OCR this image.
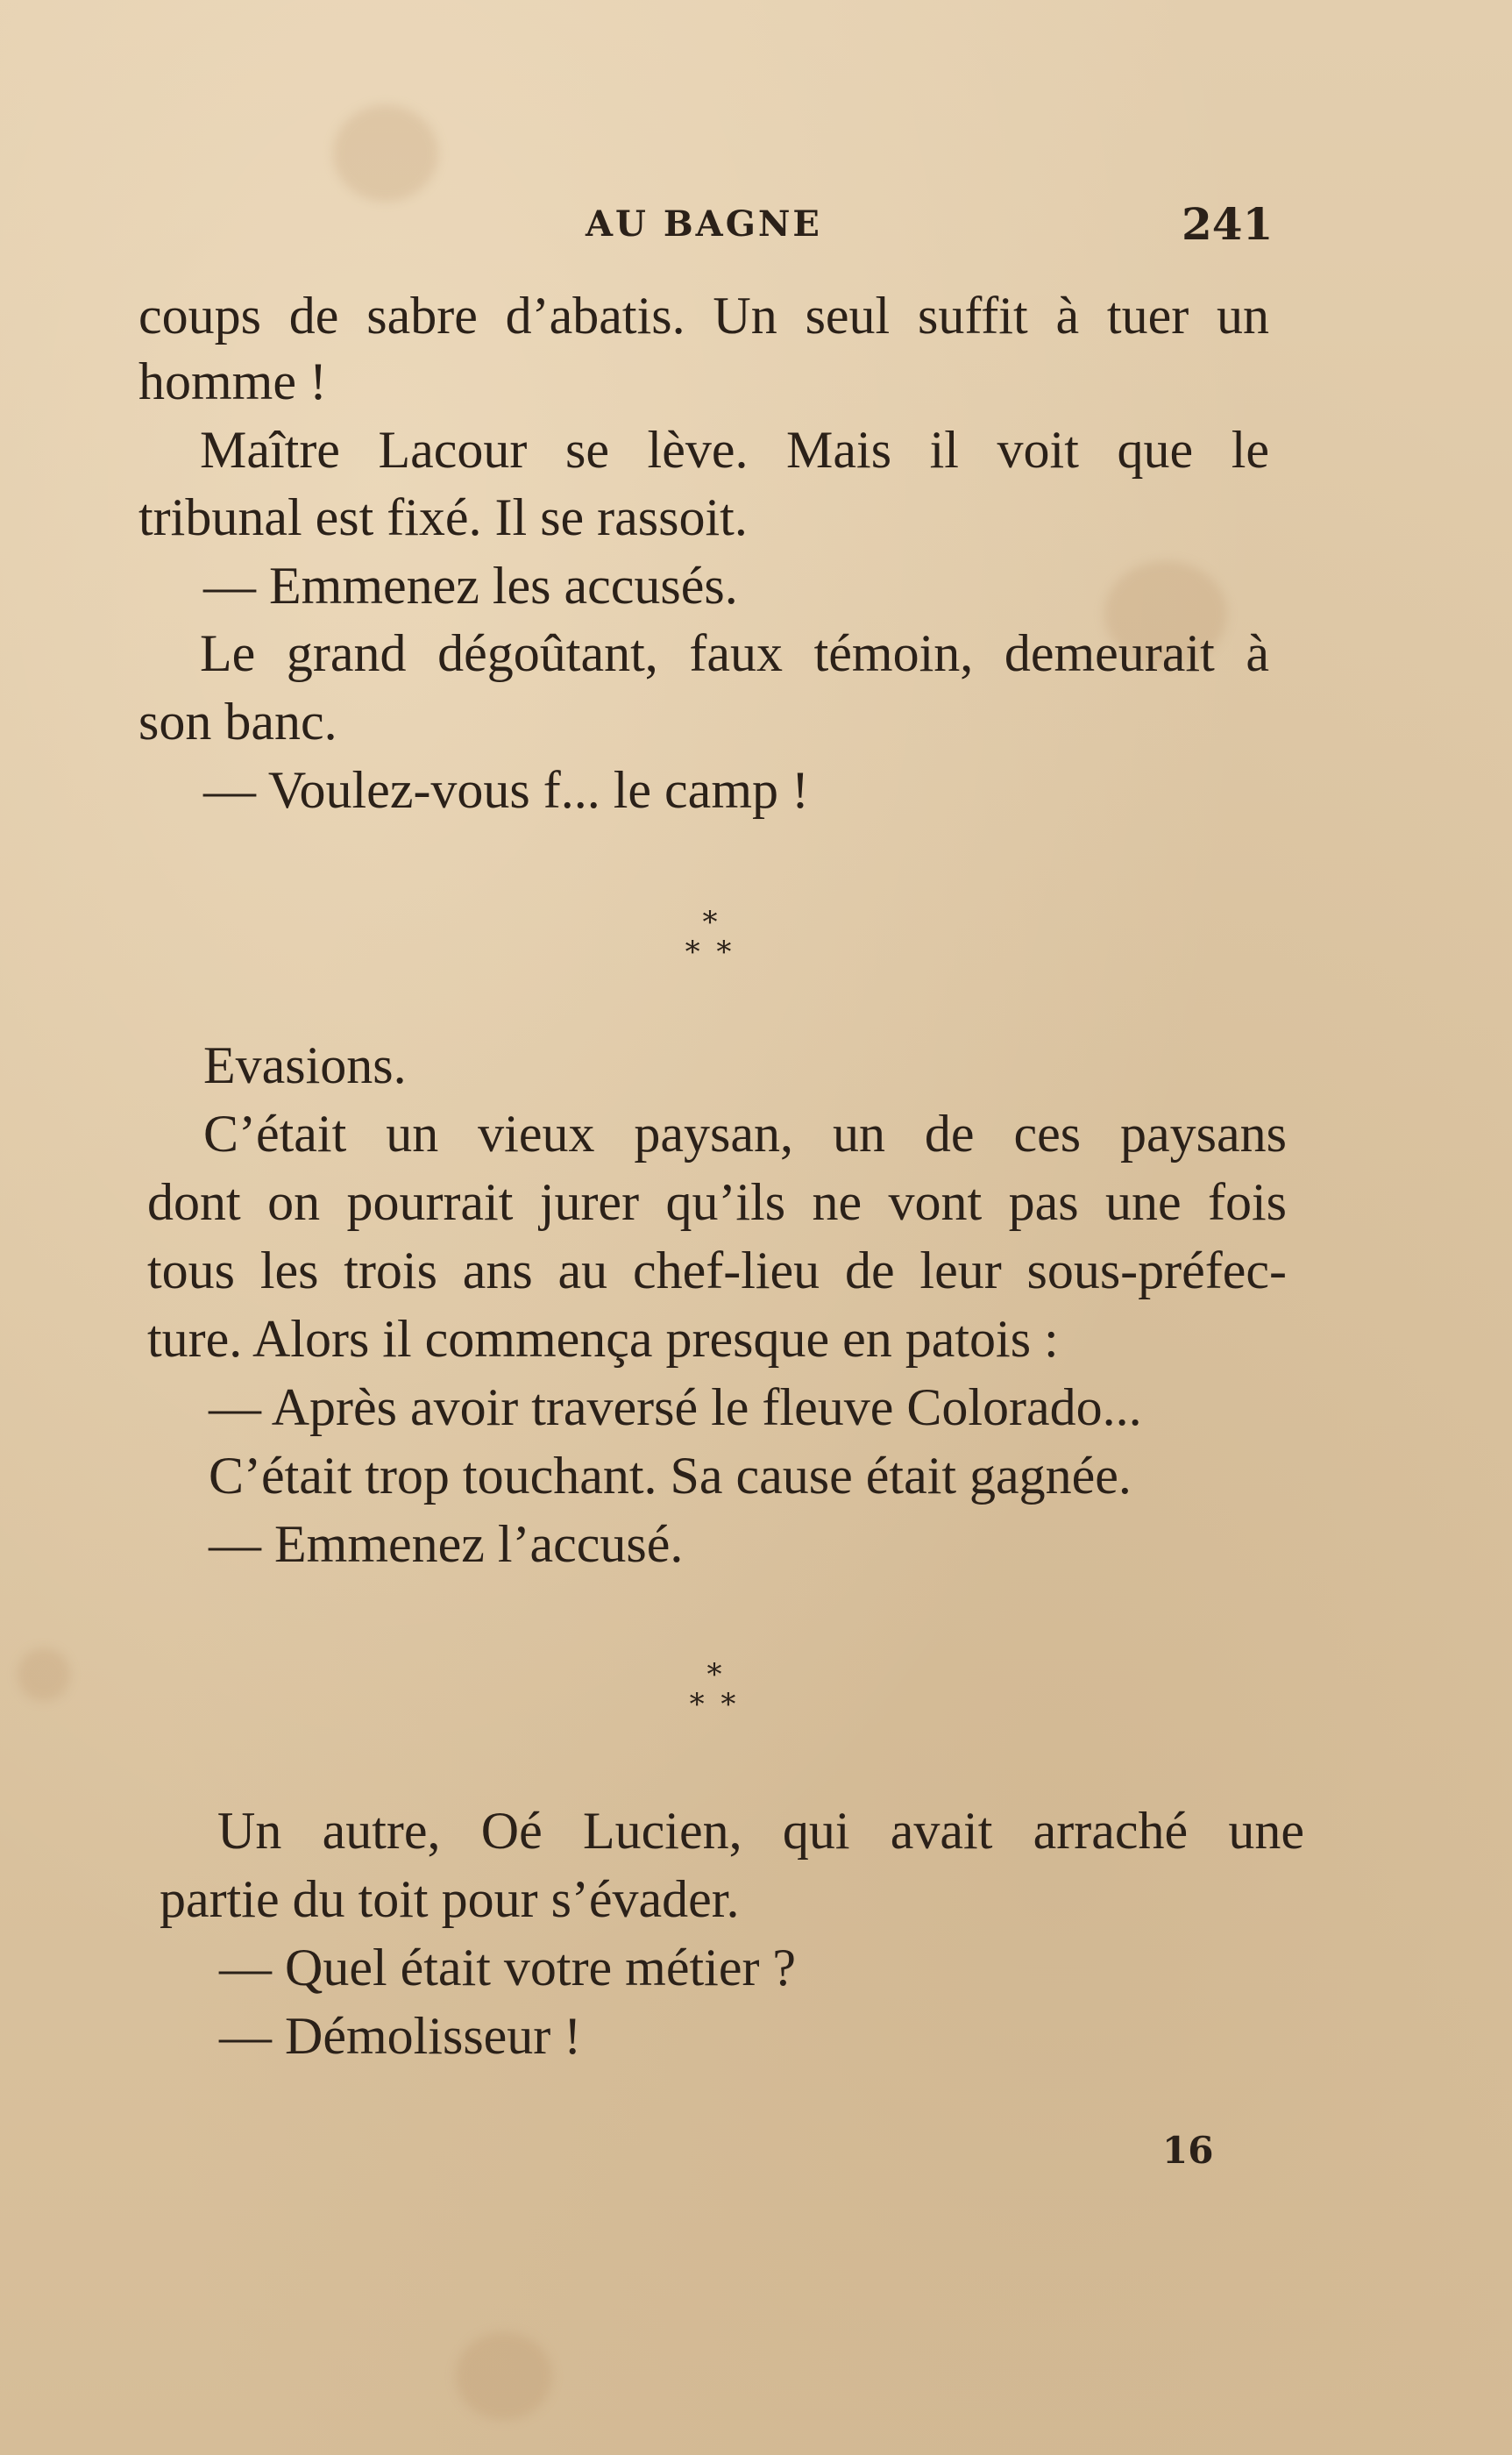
AU BAGNE	241
coups de sabre d’abatis. Un seul suffit à tuer un
homme !
Maître Lacour se lève. Mais il voit que le
tribunal est fixé. Il se rassoit.
— Emmenez les accusés.
Le grand dégoûtant, faux témoin, demeurait à
son banc.
— Voulez-vous f... le camp !
*
* *
Evasions.
C’était un vieux paysan, un de ces paysans
dont on pourrait jurer qu’ils ne vont pas une fois
tous les trois ans au chef-lieu de leur sous-préfec-
ture. Alors il commença presque en patois :
— Après avoir traversé le fleuve Colorado...
C’était trop touchant. Sa cause était gagnée.
— Emmenez l’accusé.
*
* *
Un autre, Oé Lucien, qui avait arraché une
partie du toit pour s’évader.
— Quel était votre métier ?
— Démolisseur !
16
